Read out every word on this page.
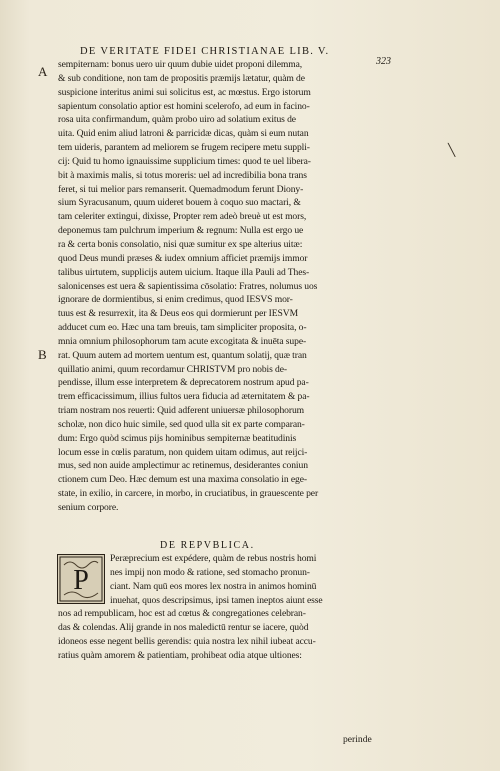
DE VERITATE FIDEI CHRISTIANAE LIB. V.
323
A
B
╲
sempiternam: bonus uero uir quum dubie uidet proponi dilemma,
& sub conditione, non tam de propositis præmijs lætatur, quàm de
suspicione interitus animi sui solicitus est, ac mœstus. Ergo istorum
sapientum consolatio aptior est homini scelerofo, ad eum in facino-
rosa uita confirmandum, quàm probo uiro ad solatium exitus de
uita. Quid enim aliud latroni & parricidæ dicas, quàm si eum nutan
tem uideris, parantem ad meliorem se frugem recipere metu suppli-
cij: Quid tu homo ignauissime supplicium times: quod te uel libera-
bit à maximis malis, si totus moreris: uel ad incredibilia bona trans
feret, si tui melior pars remanserit. Quemadmodum ferunt Diony-
sium Syracusanum, quum uideret bouem à coquo suo mactari, &
tam celeriter extingui, dixisse, Propter rem adeò breuè ut est mors,
deponemus tam pulchrum imperium & regnum: Nulla est ergo ue
ra & certa bonis consolatio, nisi quæ sumitur ex spe alterius uitæ:
quod Deus mundi præses & iudex omnium afficiet præmijs immor
talibus uirtutem, supplicijs autem uicium. Itaque illa Pauli ad Thes-
salonicenses est uera & sapientissima cōsolatio: Fratres, nolumus uos
ignorare de dormientibus, si enim credimus, quod IESVS mor-
tuus est & resurrexit, ita & Deus eos qui dormierunt per IESVM
adducet cum eo. Hæc una tam breuis, tam simpliciter proposita, o-
mnia omnium philosophorum tam acute excogitata & inuēta supe-
rat. Quum autem ad mortem uentum est, quantum solatij, quæ tran
quillatio animi, quum recordamur CHRISTVM pro nobis de-
pendisse, illum esse interpretem & deprecatorem nostrum apud pa-
trem efficacissimum, illius fultos uera fiducia ad æternitatem & pa-
triam nostram nos reuerti: Quid adferent uniuersæ philosophorum
scholæ, non dico huic simile, sed quod ulla sit ex parte comparan-
dum: Ergo quòd scimus pijs hominibus sempiternæ beatitudinis
locum esse in cœlis paratum, non quidem uitam odimus, aut reijci-
mus, sed non auide amplectimur ac retinemus, desiderantes coniun
ctionem cum Deo. Hæc demum est una maxima consolatio in ege-
state, in exilio, in carcere, in morbo, in cruciatibus, in grauescente per
senium corpore.
DE REPVBLICA.
P
Peræprecium est expédere, quàm de rebus nostris homi
nes impij non modo & ratione, sed stomacho pronun-
ciant. Nam quū eos mores lex nostra in animos hominū
inuehat, quos descripsimus, ipsi tamen ineptos aiunt esse
nos ad rempublicam, hoc est ad cœtus & congregationes celebran-
das & colendas. Alij grande in nos maledictū rentur se iacere, quòd
idoneos esse negent bellis gerendis: quia nostra lex nihil iubeat accu-
ratius quàm amorem & patientiam, prohibeat odia atque ultiones:
perinde
